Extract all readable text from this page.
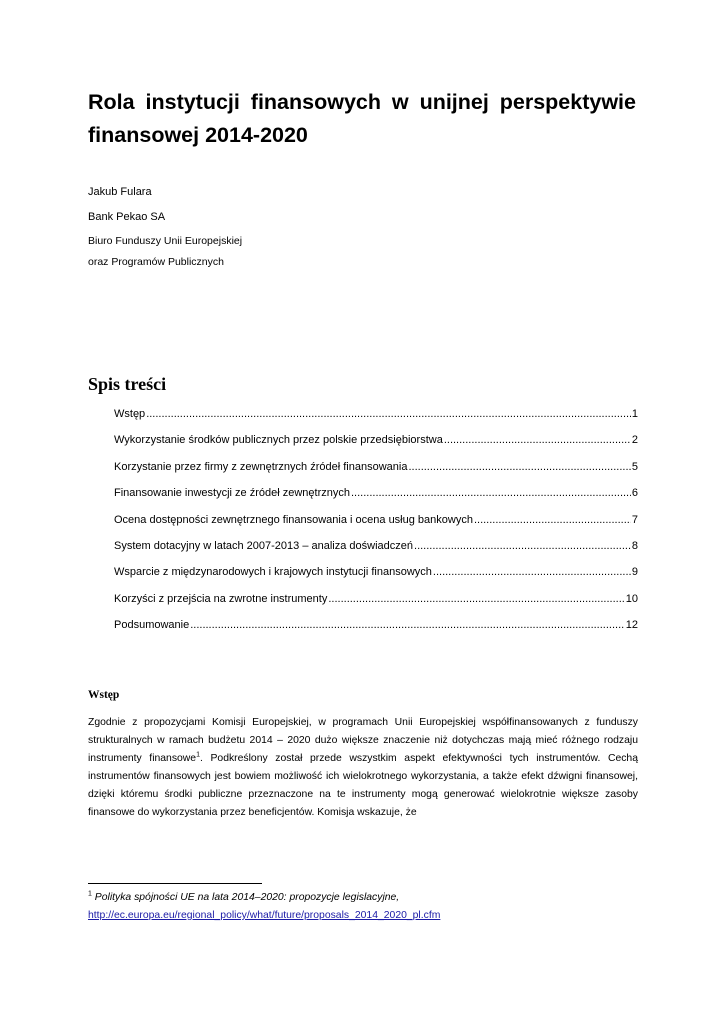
Rola instytucji finansowych w unijnej perspektywie finansowej 2014-2020

Jakub Fulara

Bank Pekao SA

Biuro Funduszy Unii Europejskiej

oraz Programów Publicznych

Spis treści
Wstęp .....	1
Wykorzystanie środków publicznych przez polskie przedsiębiorstwa .....	2
Korzystanie przez firmy z zewnętrznych źródeł finansowania .....	5
Finansowanie inwestycji ze źródeł zewnętrznych .....	6
Ocena dostępności zewnętrznego finansowania i ocena usług bankowych .....	7
System dotacyjny w latach 2007-2013 – analiza doświadczeń .....	8
Wsparcie z międzynarodowych i krajowych instytucji finansowych .....	9
Korzyści z przejścia na zwrotne instrumenty .....	10
Podsumowanie .....	12
Wstęp

Zgodnie z propozycjami Komisji Europejskiej, w programach Unii Europejskiej współfinansowanych z funduszy strukturalnych w ramach budżetu 2014 – 2020 dużo większe znaczenie niż dotychczas mają mieć różnego rodzaju instrumenty finansowe$^1$. Podkreślony został przede wszystkim aspekt efektywności tych instrumentów. Cechą instrumentów finansowych jest bowiem możliwość ich wielokrotnego wykorzystania, a także efekt dźwigni finansowej, dzięki któremu środki publiczne przeznaczone na te instrumenty mogą generować wielokrotnie większe zasoby finansowe do wykorzystania przez beneficjentów. Komisja wskazuje, że

$^1$ Polityka spójności UE na lata 2014–2020: propozycje legislacyjne,
http://ec.europa.eu/regional_policy/what/future/proposals_2014_2020_pl.cfm
